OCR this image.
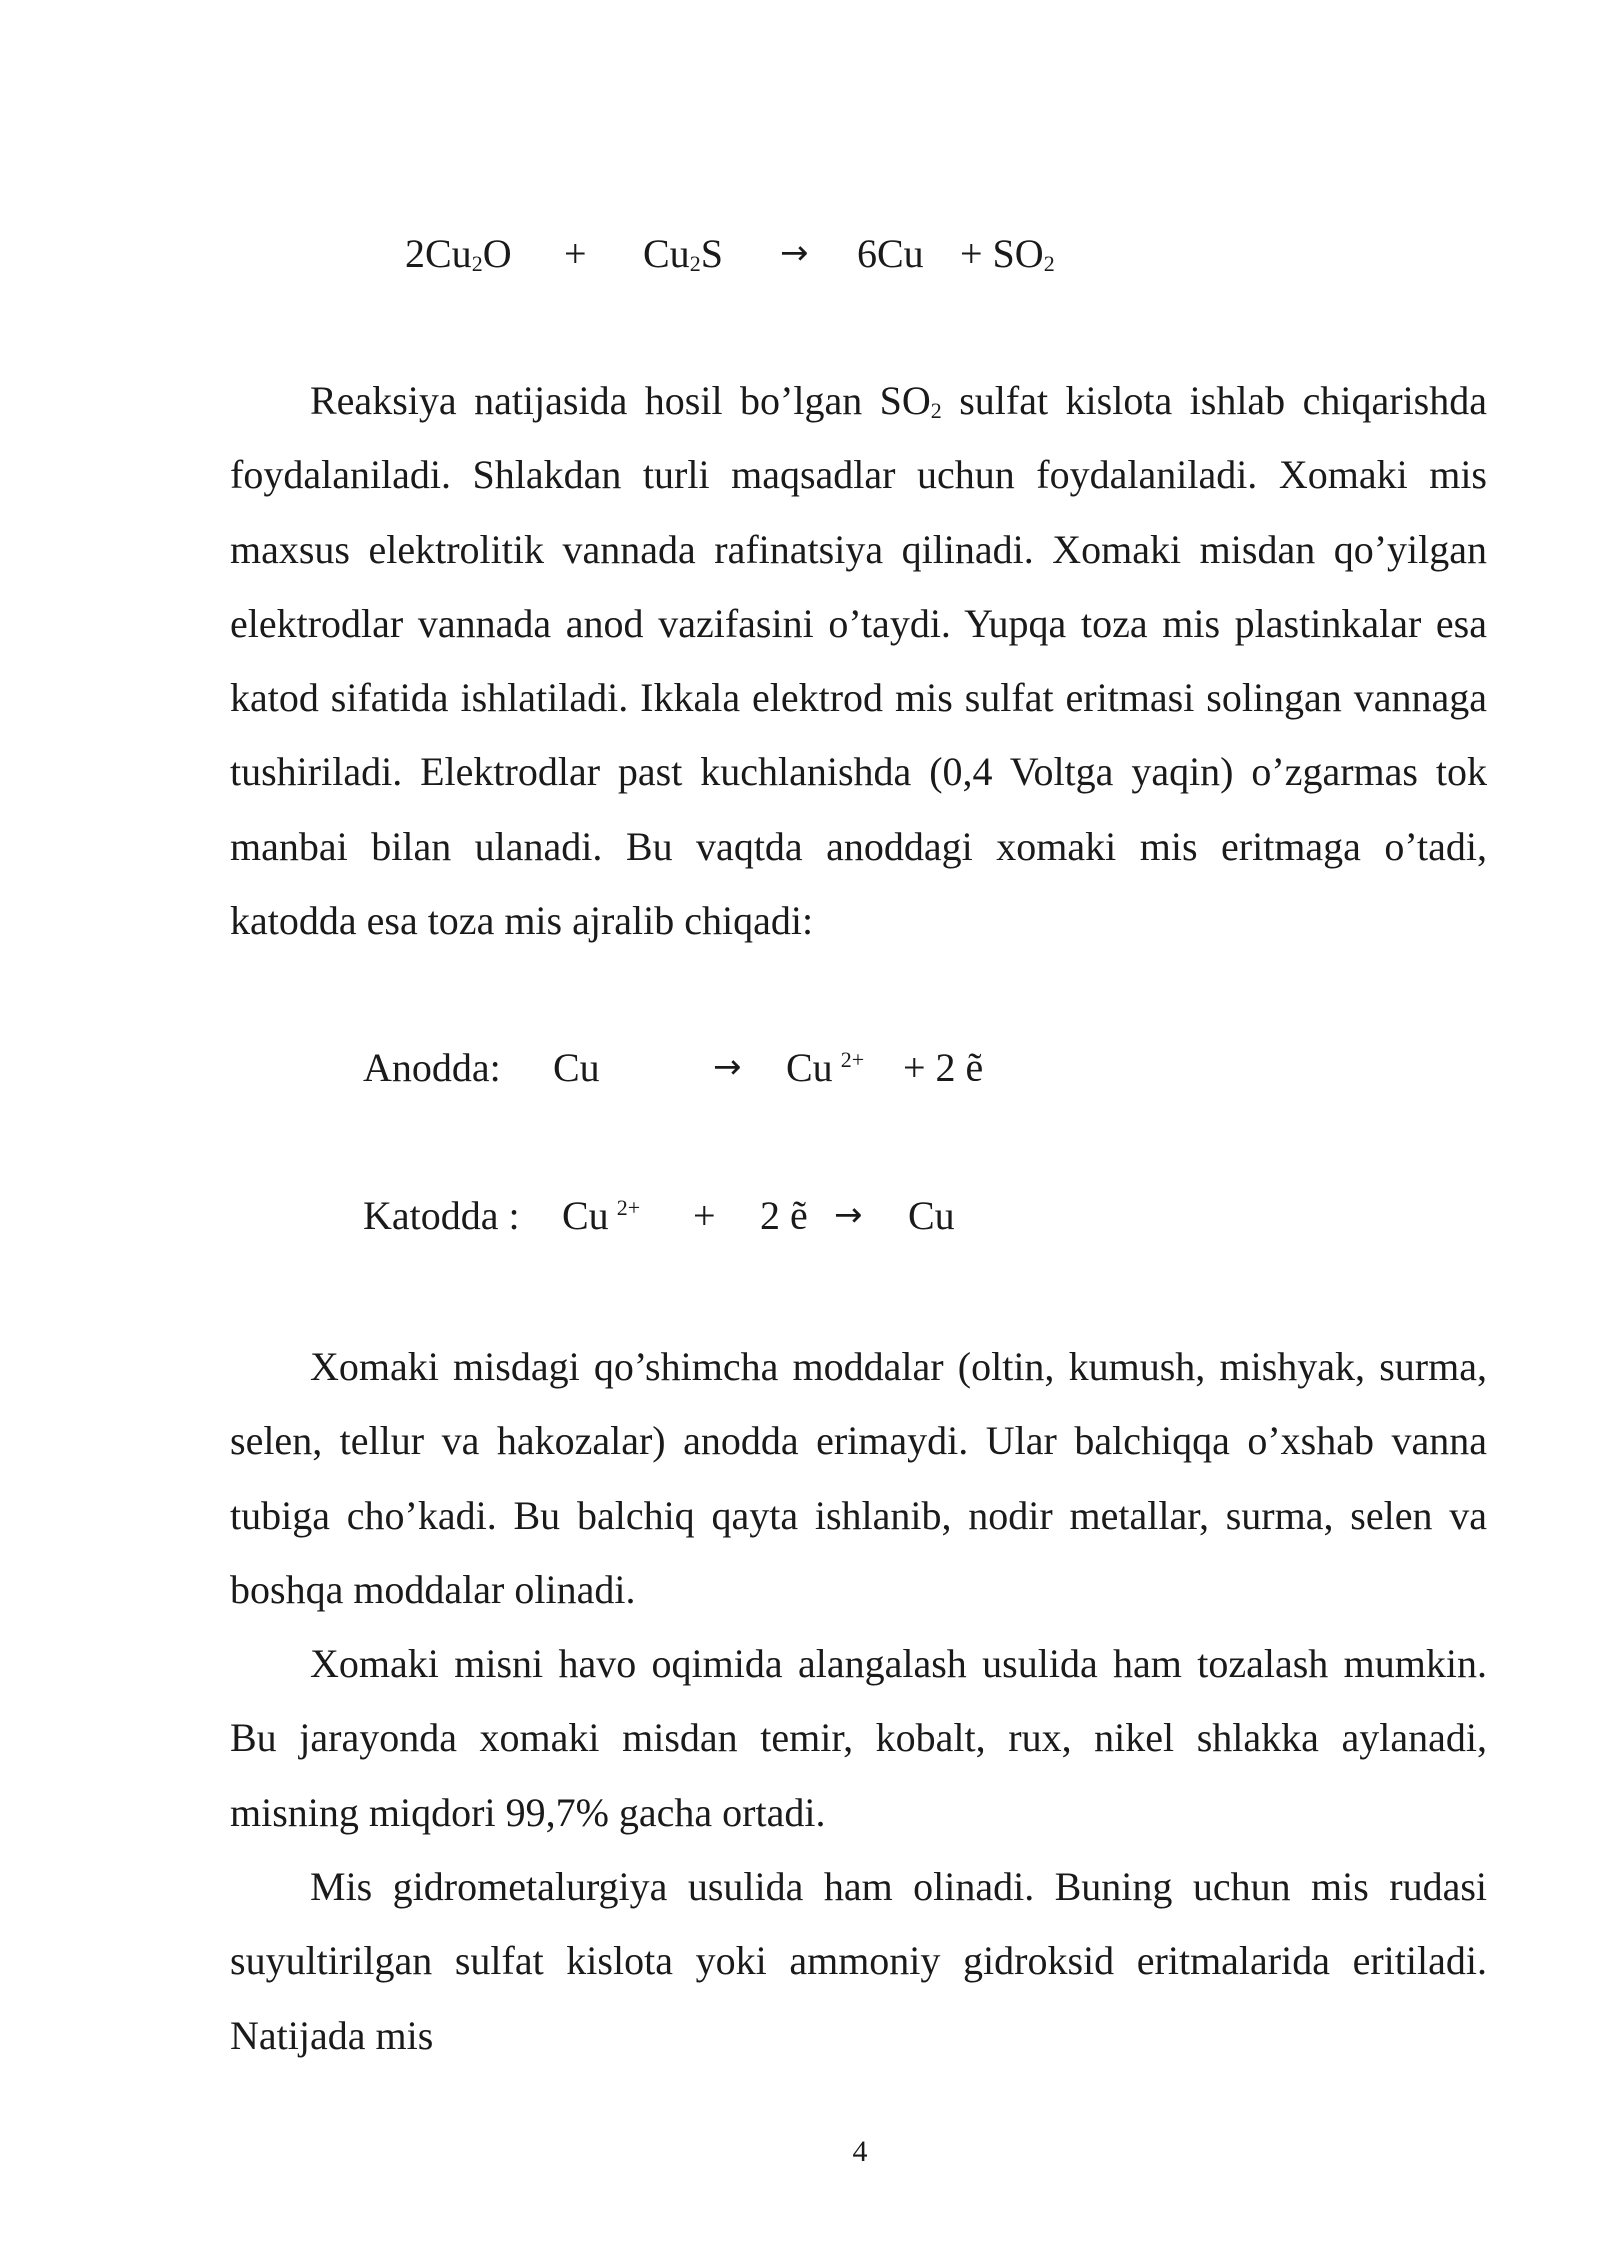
$2Cu_2O + Cu_2S \to 6Cu + SO_2$

Reaksiya natijasida hosil bo’lgan $SO_2$ sulfat kislota ishlab chiqarishda foydalaniladi. Shlakdan turli maqsadlar uchun foydalaniladi. Xomaki mis maxsus elektrolitik vannada rafinatsiya qilinadi. Xomaki misdan qo’yilgan elektrodlar vannada anod vazifasini o’taydi. Yupqa toza mis plastinkalar esa katod sifatida ishlatiladi. Ikkala elektrod mis sulfat eritmasi solingan vannaga tushiriladi. Elektrodlar past kuchlanishda (0,4 Voltga yaqin) o’zgarmas tok manbai bilan ulanadi. Bu vaqtda anoddagi xomaki mis eritmaga o’tadi, katodda esa toza mis ajralib chiqadi:

Anodda: Cu	→ Cu $^{2+}$ + 2 ẽ
Katodda : Cu $^{2+}$ + 2 ẽ → Cu

Xomaki misdagi qo’shimcha moddalar (oltin, kumush, mishyak, surma, selen, tellur va hakozalar) anodda erimaydi. Ular balchiqqa o’xshab vanna tubiga cho’kadi. Bu balchiq qayta ishlanib, nodir metallar, surma, selen va boshqa moddalar olinadi.

Xomaki misni havo oqimida alangalash usulida ham tozalash mumkin. Bu jarayonda xomaki misdan temir, kobalt, rux, nikel shlakka aylanadi, misning miqdori 99,7% gacha ortadi.

Mis gidrometalurgiya usulida ham olinadi. Buning uchun mis rudasi suyultirilgan sulfat kislota yoki ammoniy gidroksid eritmalarida eritiladi. Natijada mis

4
